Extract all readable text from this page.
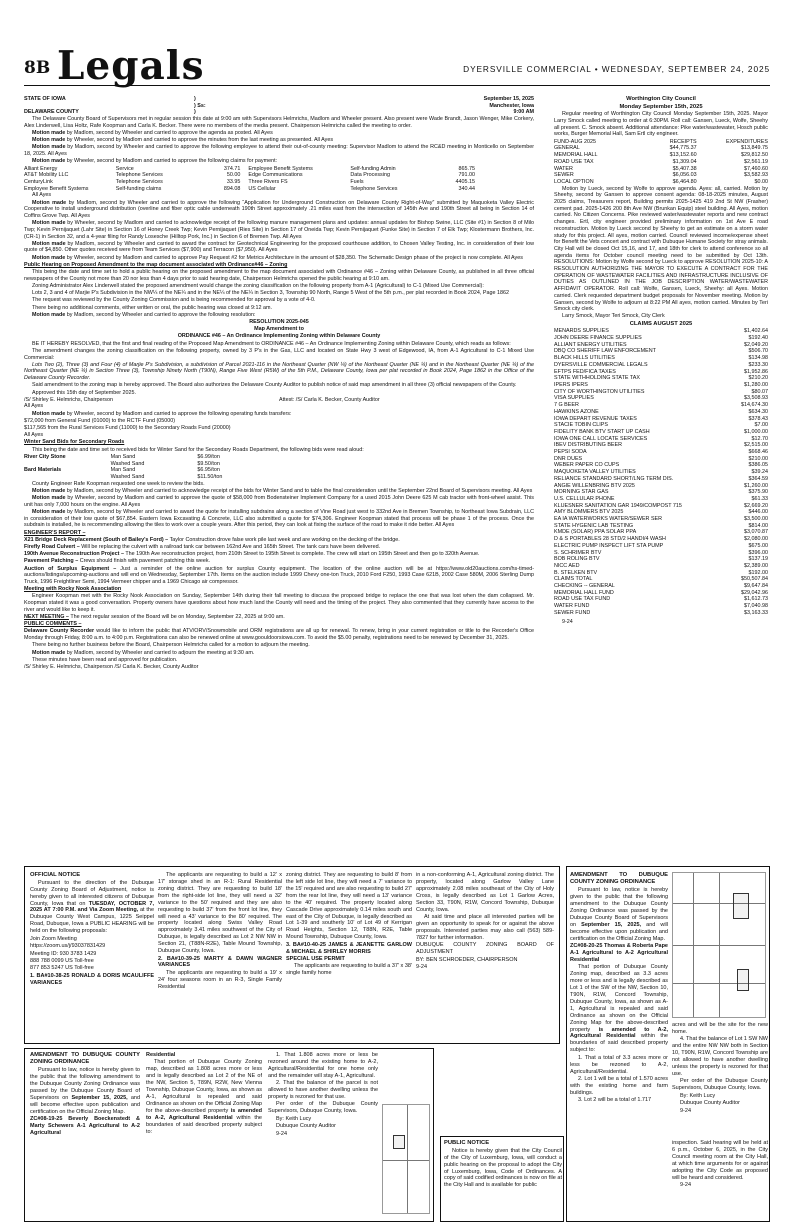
8B Legals	DYERSVILLE COMMERCIAL • WEDNESDAY, SEPTEMBER 24, 2025
STATE OF IOWA	)	September 15, 2025
) Ss:	Manchester, Iowa
DELAWARE COUNTY	)	9:00 AM

The Delaware County Board of Supervisors met in regular session this date at 9:00 am with Supervisors Helmrichs, Madlom and Wheeler present. Also present were Wade Brandt, Jason Wenger, Mike Corkery, Alex Linderwell, Lisa Holtz, Rafe Koopman and Carla K. Becker. There were no members of the media present. Chairperson Helmrichs called the meeting to order.

Motion made by Madlom, second by Wheeler and carried to approve the agenda as posted. All Ayes

Motion made by Wheeler, second by Madlom and carried to approve the minutes from the last meeting as presented. All Ayes

Motion made by Madlom, second by Wheeler and carried to approve the following employee to attend their out-of-county meeting: Supervisor Madlom to attend the RC&D meeting in Monticello on September 18, 2025. All Ayes

Motion made by Wheeler, second by Madlom and carried to approve the following claims for payment:

Alliant Energy	Service	374.71	Employee Benefit Systems	Self-funding Admin	865.75
AT&T Mobility LLC	Telephone Services	50.00	Edge Communications	Data Processing	791.00
CenturyLink	Telephone Services	33.95	Three Rivers FS	Fuels	4405.15
Employee Benefit Systems	Self-funding claims	894.08	US Cellular	Telephone Services	340.44

All Ayes

Motion made by Madlom, second by Wheeler and carried to approve the following “Application for Underground Construction on Delaware County Right-of-Way” submitted by Maquoketa Valley Electric Cooperative to install underground distribution (overline and fiber optic cable underneath 190th Street approximately .21 miles east from the intersection of 145th Ave and 190th Street all being in Section 14 of Coffins Grove Twp. All Ayes

Motion made by Wheeler, second by Madlom and carried to acknowledge receipt of the following manure management plans and updates: annual updates for Bishop Swine, LLC (Site #1) in Section 8 of Milo Twp; Kevin Pernijaquet (Lahr Site) in Section 16 of Honey Creek Twp; Kevin Pernijaquet (Ries Site) in Section 17 of Oneida Twp; Kevin Pernijaquet (Funke Site) in Section 7 of Elk Twp; Klostermann Brothers, Inc. (CR-1) in Section 32, and a 4-year filing for Randy Losesche (Hilltop Pork, Inc.) in Section 6 of Bremen Twp. All Ayes

Motion made by Madlom, second by Wheeler and carried to award the contract for Geotechnical Engineering for the proposed courthouse addition, to Chosen Valley Testing, Inc. in consideration of their low quote of $4,850. Other quotes received were from Team Services ($7,900) and Terracon ($7,950). All Ayes

Motion made by Wheeler, second by Madlom and carried to approve Pay Request #2 for Metrics Architecture in the amount of $28,350. The Schematic Design phase of the project is now complete. All Ayes

Public Hearing on Proposed Amendment to the map document associated with Ordinance#46 – Zoning

This being the date and time set to hold a public hearing on the proposed amendment to the map document associated with Ordinance #46 – Zoning within Delaware County, as published in all three official newspapers of the County not more than 20 nor less than 4 days prior to said hearing date, Chairperson Helmrichs opened the public hearing at 9:10 am.

Zoning Administrator Alex Linderwell stated the proposed amendment would change the zoning classification on the following property from A-1 (Agricultural) to C-1 (Mixed Use Commercial):

Lots 2, 3 and 4 of Marjie P's Subdivision in the NW¼ of the NE¼ and in the NE¼ of the NE¼ in Section 3, Township 90 North, Range 5 West of the 5th p.m., per plat recorded in Book 2024, Page 1862

The request was reviewed by the County Zoning Commission and is being recommended for approval by a vote of 4-0.

There being no additional comments, either written or oral, the public hearing was closed at 9:12 am.

Motion made by Madlom, second by Wheeler and carried to approve the following resolution:

RESOLUTION 2025-045

Map Amendment to

ORDINANCE #46 – An Ordinance Implementing Zoning within Delaware County

BE IT HEREBY RESOLVED, that the first and final reading of the Proposed Map Amendment to ORDINANCE #46 – An Ordinance Implementing Zoning within Delaware County, which reads as follows:

The amendment changes the zoning classification on the following property, owned by 3 P's in the Gas, LLC and located on State Hwy 3 west of Edgewood, IA, from A-1 Agricultural to C-1 Mixed Use Commercial:

Lots Two (2), Three (3) and Four (4) of Marjie P's Subdivision, a subdivision of Parcel 2021-116 in the Northeast Quarter (NW ¼) of the Northeast Quarter (NE ¼) and in the Northeast Quarter (NE ¼) of the Northeast Quarter (NE ¼) in Section Three (3), Township Ninety North (T90N), Range Five West (R5W) of the 5th P.M., Delaware County, Iowa per plat recorded in Book 2024, Page 1862 in the Office of the Delaware County Recorder.

Said amendment to the zoning map is hereby approved. The Board also authorizes the Delaware County Auditor to publish notice of said map amendment in all three (3) official newspapers of the County.

Approved this 15th day of September 2025.

/S/ Shirley E. Helmrichs, Chairperson	Attest: /S/ Carla K. Becker, County Auditor

All Ayes

Motion made by Wheeler, second by Madlom and carried to approve the following operating funds transfers:

$72,000 from General Fund (01000) to the RCTF Fund (05000)

$117,565 from the Rural Services Fund (11000) to the Secondary Roads Fund (20000)

All Ayes

Winter Sand Bids for Secondary Roads

This being the date and time set to received bids for Winter Sand for the Secondary Roads Department, the following bids were read aloud:

River City Stone	Man Sand	$6.99/ton
Washed Sand	$9.50/ton
Bard Materials	Man Sand	$6.95/ton
Washed Sand	$11.50/ton

County Engineer Rafe Koopman requested one week to review the bids.

Motion made by Madlom, second by Wheeler and carried to acknowledge receipt of the bids for Winter Sand and to table the final consideration until the September 22nd Board of Supervisors meeting. All Ayes

Motion made by Wheeler, second by Madlom and carried to approve the quote of $58,000 from Bodensteiner Implement Company for a used 2015 John Deere 625 M cab tractor with front-wheel assist. This unit has only 7,000 hours on the engine. All Ayes

Motion made by Madlom, second by Wheeler and carried to award the quote for installing subdrains along a section of Vine Road just west to 332nd Ave in Bremen Township, to Northeast Iowa Subdrain, LLC in consideration of their low quote of $67,854. Eastern Iowa Excavating & Concrete, LLC also submitted a quote for $74,306. Engineer Koopman stated that process will be phase 1 of the process. Once the subdrain is installed, he is recommending allowing the tiles to work over a couple years. After this period, they can look at fixing the surface of the road to make it ride better. All Ayes

ENGINEER'S REPORT –

X21 Bridge Deck Replacement (South of Bailey's Ford) – Taylor Construction drove false work pile last week and are working on the decking of the bridge.

Firefly Road Culvert – Will be replacing the culvert with a railroad tank car between 162nd Ave and 165th Street. The tank cars have been delivered.

190th Avenue Reconstruction Project – The 190th Ave reconstruction project, from 210th Street to 195th Street is complete. The crew will start on 195th Street and then go to 320th Avenue.

Pavement Patching – Crews should finish with pavement patching this week.

Auction of Surplus Equipment – Just a reminder of the online auction for surplus County equipment. The location of the online auction will be at https://www.old20auctions.com/hs-timed-auctions/listings/upcoming-auctions and will end on Wednesday, September 17th. Items on the auction include 1999 Chevy one-ton Truck, 2010 Ford F250, 1993 Case 621B, 2002 Case 580M, 2006 Sterling Dump Truck, 1996 Freightliner Semi, 1994 Vermeer chipper and a 1969 Chicago air compressor.

Meeting with Rocky Nook Association

Engineer Koopman met with the Rocky Nook Association on Sunday, September 14th during their fall meeting to discuss the proposed bridge to replace the one that was lost when the dam collapsed. Mr. Koopman stated it was a good conversation. Property owners have questions about how much land the County will need and the timing of the project. They also commented that they currently have access to the river and would like to keep it.

NEXT MEETING – The next regular session of the Board will be on Monday, September 22, 2025 at 9:00 am.

PUBLIC COMMENTS –

Delaware County Recorder would like to inform the public that ATV/ORV/Snowmobile and ORM registrations are all up for renewal. To renew, bring in your current registration or title to the Recorder's Office Monday through Friday, 8:00 a.m. to 4:00 p.m. Registrations can also be renewed online at www.goouldoorsiowa.com. To avoid the $5.00 penalty, registrations need to be renewed by December 31, 2025.

There being no further business before the Board, Chairperson Helmrichs called for a motion to adjourn the meeting.

Motion made by Madlom, second by Wheeler and carried to adjourn the meeting at 9:30 am.

These minutes have been read and approved for publication.

/S/ Shirley E. Helmrichs, Chairperson /S/ Carla K. Becker, County Auditor

Worthington City Council

Monday September 15th, 2025

Regular meeting of Worthington City Council Monday September 15th, 2025. Mayor Larry Smock called meeting to order at 6:30PM. Roll call: Gansen, Lueck, Wolfe, Sheehy all present. C. Smock absent. Additional attendance: Pike water/wastewater, Hosch public works, Burger Memorial Hall, Sam Ertl city engineer.

FUND-AUG 2025	RECEIPTS	EXPENDITURES
GENERAL	$44,775.37	$13,849.75
MEMORIAL HALL	$13,152.60	$29,812.50
ROAD USE TAX	$1,309.04	$2,561.19
WATER	$5,407.38	$7,460.60
SEWER	$6,056.03	$3,582.93
LOCAL OPTION	$6,464.80	$0.00

Motion by Lueck, second by Wolfe to approve agenda. Ayes: all, carried. Motion by Sheehy, second by Gansen to approve consent agenda: 08-18-2025 minutes, August 2025 claims, Treasurers report, Building permits 2025-1425 419 2nd St NW (Frasher) cement pad. 2025-1426 200 8th Ave NW (Brunkan Equip) steel building. All Ayes, motion carried. No Citizen Concerns. Pike reviewed water/wastewater reports and new contract changes. Ertl, city engineer provided preliminary information on 1st Ave E road reconstruction. Motion by Lueck second by Sheehy to get an estimate on a storm water study for this project. All ayes, motion carried. Council reviewed income/expense sheet for Benefit the Vets concert and contract with Dubuque Humane Society for stray animals. City Hall will be closed Oct 15,16, and 17, and 18th for clerk to attend conference so all agenda items for October council meeting need to be submitted by Oct 13th. RESOLUTIONS: Motion by Wolfe second by Lueck to approve RESOLUTION 2025-10: A RESOLUTION AUTHORIZING THE MAYOR TO EXECUTE A CONTRACT FOR THE OPERATION OF WASTEWATER FACILITIES AND INFRASTRUCTURE INCLUSIVE OF DUTIES AS OUTLINED IN THE JOB DESCRIPTION WATER/WASTEWATER AFFIDAVIT OPERATOR. Roll call: Wolfe, Gansen, Lueck, Sheehy: all Ayes. Motion carried. Clerk requested department budget proposals for November meeting. Motion by Gansen, second by Wolfe to adjourn at 8:22 PM All ayes, motion carried. Minutes by Teri Smock city clerk.

Larry Smock, Mayor Teri Smock, City Clerk

CLAIMS AUGUST 2025

MENARDS SUPPLIES	$1,402.64
JOHN DEERE FINANCE SUPPLIES	$192.40
ALLIANT ENERGY UTILITIES	$2,049.20
DBQ CO SHERIFF LAW ENFORCEMENT	$506.70
BLACK HILLS UTILITIES	$134.98
DYERSVILLE COMMERCIAL LEGALS	$233.30
EFTPS FED/FICA TAXES	$1,952.86
STATE WITHHOLDING STATE TAX	$210.20
IPERS IPERS	$1,280.00
CITY OF WORTHINGTON UTILITIES	$80.07
VISA SUPPLIES	$3,508.93
7 G BEER	$14,674.30
HAWKINS AZONE	$634.30
IOWA DEPART REVENUE TAXES	$378.43
STACIE TOBIN CLIPS	$7.00
FIDELITY BANK BTV START UP CASH	$1,000.00
IOWA ONE CALL LOCATE SERVICES	$12.70
IBEV DISTRIBUTING BEER	$2,515.00
PEPSI SODA	$668.46
DNR DUES	$210.00
WEBER PAPER CO CUPS	$386.05
MAQUOKETA VALLEY UTILITIES	$39.24
RELIANCE STANDARD SHORT/LNG TERM DIS.	$364.59
ANGIE WILLENBRING BTV 2025	$1,260.00
MORNING STAR GAS	$375.90
U.S. CELLULAR PHONE	$61.33
KLUESNER SANITATION GAR 1949/COMPOST 715	$2,669.20
AMY BLOMMERS BTV 2025	$446.00
EA IA WATERWORKS WATER/SEWER SER	$3,500.00
STATE HYGENIC LAB TESTING	$814.00
KMDE (SOLAR) PPA SOLAR PPA	$3,070.87
D & S PORTABLES 28 STD/2 HANDI/4 WASH	$2,080.00
ELECTRIC PUMP INSPECT LIFT STA PUMP	$675.00
S. SCHRIMER BTV	$396.00
BOB ROLING BTV	$137.19
NICC AED	$2,389.00
B. STELKEN BTV	$192.00
CLAIMS TOTAL	$50,507.84
CHECKING -- GENERAL	$9,647.84
MEMORIAL HALL FUND	$29,042.96
ROAD USE TAX FUND	$1,612.73
WATER FUND	$7,040.98
SEWER FUND	$3,163.33

9-24

OFFICIAL NOTICE

Pursuant to the direction of the Dubuque County Zoning Board of Adjustment, notice is hereby given to all interested citizens of Dubuque County, Iowa that on TUESDAY, OCTOBER 7, 2025 AT 7:00 P.M. and Via Zoom Meeting, at the Dubuque County West Campus, 1225 Seippel Road, Dubuque, Iowa a PUBLIC HEARING will be held on the following proposals:

Join Zoom Meeting

https://zoom.us/j/93037831429

Meeting ID: 930 3783 1429

888 788 0099 US Toll-free

877 853 5247 US Toll-free

1. BA#10-38-25 RONALD & DORIS MCAULIFFE VARIANCES

The applicants are requesting to build a 12' x 17' storage shed in an R-1: Rural Residential zoning district. They are requesting to build 18' from the right-side lot line, they will need a 32' variance to the 50' required and they are also requesting to build 37' from the front lot line, they will need a 43' variance to the 80' required. The property located along Swiss Valley Road approximately 3.41 miles southwest of the City of Dubuque, is legally described as Lot 2 NW NW in Section 21, (T88N-R2E), Table Mound Township, Dubuque County, Iowa.

2. BA#10-39-25 MARTY & DAWN WAGNER VARIANCES

The applicants are requesting to build a 19' x 24' four seasons room in an R-3, Single Family Residential

zoning district. They are requesting to build 8' from the left side lot line, they will need a 7' variance to the 15' required and are also requesting to build 27' from the rear lot line, they will need a 13' variance to the 40' required. The property located along Cascade Drive approximately 0.14 miles south and east of the City of Dubuque, is legally described as Lot 1-39 and southerly 10' of Lot 49 of Kerrigan Road Heights, Section 12, T88N, R2E, Table Mound Township, Dubuque County, Iowa.

3. BA#10-40-25 JAMES & JEANETTE GARLOW & MICHAEL & SHIRLEY MORRIS

SPECIAL USE PERMIT

The applicants are requesting to build a 37' x 38' single family home

in a non-conforming A-1, Agricultural zoning district. The property, located along Garlow Valley Lane approximately 2.08 miles southeast of the City of Holy Cross, is legally described as Lot 1 Garlow Acres, Section 33, T90N, R1W, Concord Township, Dubuque County, Iowa.

At said time and place all interested parties will be given an opportunity to speak for or against the above proposals. Interested parties may also call (563) 589-7827 for further information.

DUBUQUE COUNTY ZONING BOARD OF ADJUSTMENT

BY: BEN SCHROEDER, CHAIRPERSON

9-24

AMENDMENT TO DUBUQUE COUNTY ZONING ORDINANCE

Pursuant to law, notice is hereby given to the public that the following amendment to the Dubuque County Zoning Ordinance was passed by the Dubuque County Board of Supervisors on September 15, 2025, and will become effective upon publication and certification on the Official Zoning Map.

ZC#08-20-25 Thomas & Roberta Pape A-1 Agricultural to A-2 Agricultural Residential

That portion of Dubuque County Zoning map, described as 3.3 acres more or less and is legally described as Lot 1 of the SW of the NW, Section 10, T90N, R1W, Concord Township, Dubuque County, Iowa, as shown as A-1, Agricultural is repealed and said Ordinance as shown on the Official Zoning Map for the above-described property is amended to A-2, Agricultural Residential within the boundaries of said described property subject to:

1. That a total of 3.3 acres more or less be rezoned to A-2, Agricultural/Residential.

2. Lot 1 will be a total of 1.570 acres with the existing home and farm buildings.

3. Lot 2 will be a total of 1.717

acres and will be the site for the new home.

4. That the balance of Lot 1 SW NW and the entire NW NW both in Section 10, T90N, R1W, Concord Township are not allowed to have another dwelling unless the property is rezoned for that use.

Per order of the Dubuque County Supervisors, Dubuque County, Iowa.

By: Keith Lucy

Dubuque County Auditor

9-24

AMENDMENT TO DUBUQUE COUNTY ZONING ORDINANCE

Pursuant to law, notice is hereby given to the public that the following amendment to the Dubuque County Zoning Ordinance was passed by the Dubuque County Board of Supervisors on September 15, 2025, and will become effective upon publication and certification on the Official Zoning Map.

ZC#08-19-25 Beverly Boeckenstedt & Marty Schewers A-1 Agricultural to A-2 Agricultural

Residential

That portion of Dubuque County Zoning map, described as 1.808 acres more or less and is legally described as Lot 2 of the NE of the NW, Section 5, T89N, R2W, New Vienna Township, Dubuque County, Iowa, as shown as A-1, Agricultural is repealed and said Ordinance as shown on the Official Zoning Map for the above-described property is amended to A-2, Agricultural Residential within the boundaries of said described property subject to:

1. That 1.808 acres more or less be rezoned around the existing home to A-2, Agricultural/Residential for one home only and the remainder will stay A-1, Agricultural.

2. That the balance of the parcel is not allowed to have another dwelling unless the property is rezoned for that use.

Per order of the Dubuque County Supervisors, Dubuque County, Iowa.

By: Keith Lucy

Dubuque County Auditor

9-24

PUBLIC NOTICE

Notice is hereby given that the City Council of the City of Luxemburg, Iowa, will conduct a public hearing on the proposal to adopt the City of Luxemburg, Iowa, Code of Ordinances. A copy of said codified ordinances is now on file at the City Hall and is available for public

inspection. Said hearing will be held at 6 p.m., October 6, 2025, in the City Council meeting room at the City Hall, at which time arguments for or against adopting the City Code as proposed will be heard and considered.

9-24
